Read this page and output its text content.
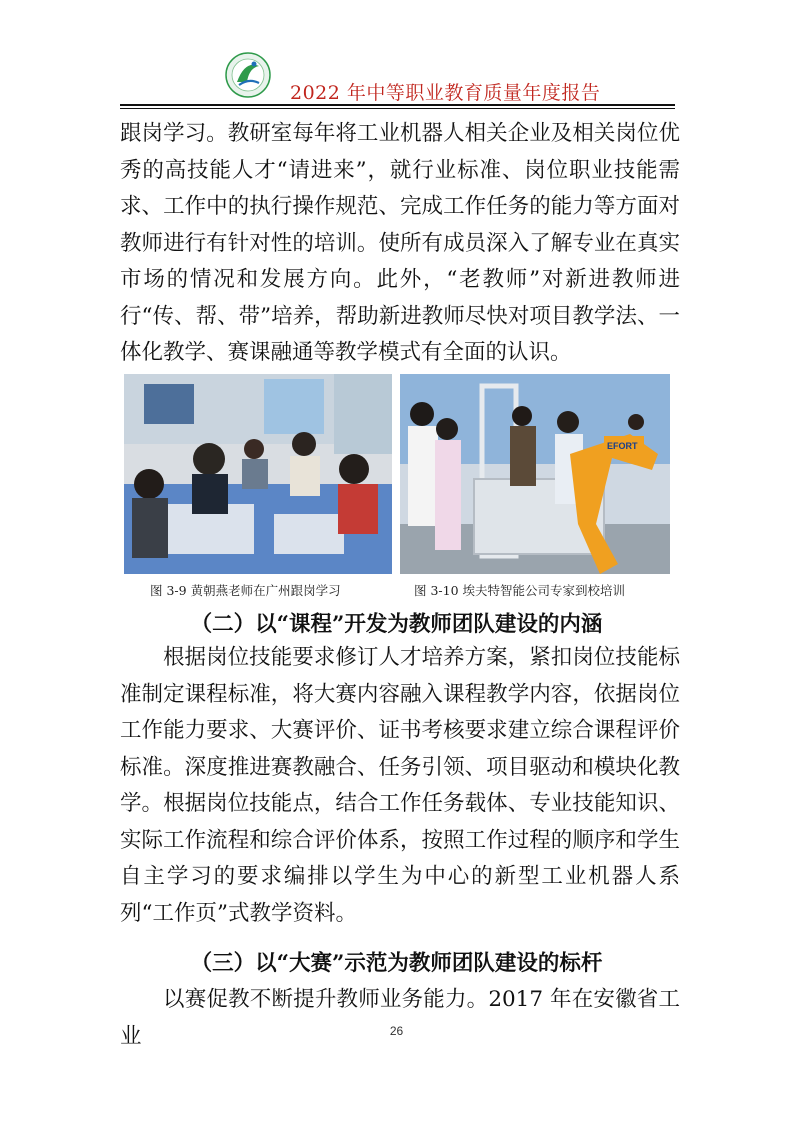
2022 年中等职业教育质量年度报告

跟岗学习。教研室每年将工业机器人相关企业及相关岗位优秀的高技能人才“请进来”，就行业标准、岗位职业技能需求、工作中的执行操作规范、完成工作任务的能力等方面对教师进行有针对性的培训。使所有成员深入了解专业在真实市场的情况和发展方向。此外，“老教师”对新进教师进行“传、帮、带”培养，帮助新进教师尽快对项目教学法、一体化教学、赛课融通等教学模式有全面的认识。

EFORT
图 3-9 黄朝燕老师在广州跟岗学习	图 3-10 埃夫特智能公司专家到校培训
（二）以“课程”开发为教师团队建设的内涵

根据岗位技能要求修订人才培养方案，紧扣岗位技能标准制定课程标准，将大赛内容融入课程教学内容，依据岗位工作能力要求、大赛评价、证书考核要求建立综合课程评价标准。深度推进赛教融合、任务引领、项目驱动和模块化教学。根据岗位技能点，结合工作任务载体、专业技能知识、实际工作流程和综合评价体系，按照工作过程的顺序和学生自主学习的要求编排以学生为中心的新型工业机器人系列“工作页”式教学资料。

（三）以“大赛”示范为教师团队建设的标杆

以赛促教不断提升教师业务能力。2017 年在安徽省工业	26
